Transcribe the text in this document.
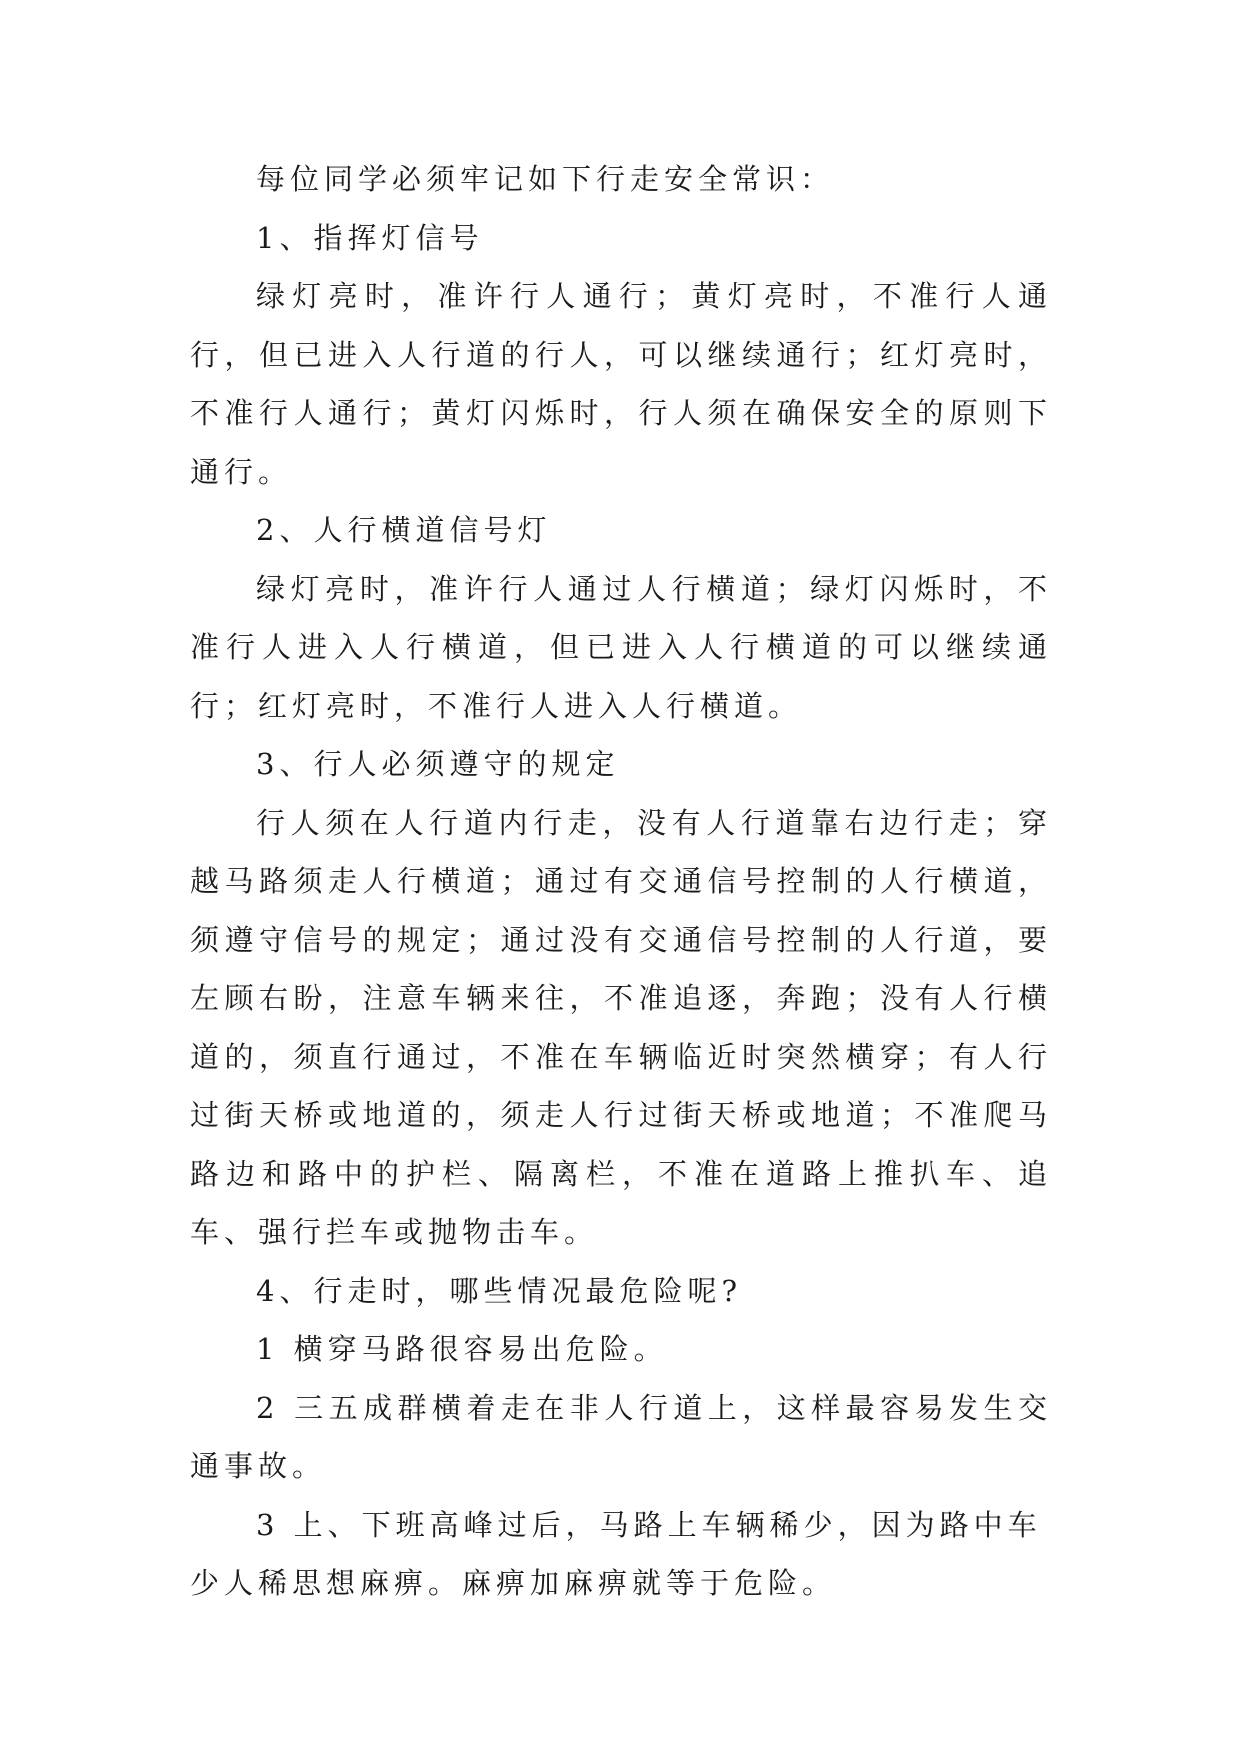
每位同学必须牢记如下行走安全常识：

1、指挥灯信号

绿灯亮时，准许行人通行；黄灯亮时，不准行人通行，但已进入人行道的行人，可以继续通行；红灯亮时，不准行人通行；黄灯闪烁时，行人须在确保安全的原则下通行。

2、人行横道信号灯

绿灯亮时，准许行人通过人行横道；绿灯闪烁时，不准行人进入人行横道，但已进入人行横道的可以继续通行；红灯亮时，不准行人进入人行横道。

3、行人必须遵守的规定

行人须在人行道内行走，没有人行道靠右边行走；穿越马路须走人行横道；通过有交通信号控制的人行横道，须遵守信号的规定；通过没有交通信号控制的人行道，要左顾右盼，注意车辆来往，不准追逐，奔跑；没有人行横道的，须直行通过，不准在车辆临近时突然横穿；有人行过街天桥或地道的，须走人行过街天桥或地道；不准爬马路边和路中的护栏、隔离栏，不准在道路上推扒车、追车、强行拦车或抛物击车。

4、行走时，哪些情况最危险呢?

1 横穿马路很容易出危险。

2 三五成群横着走在非人行道上，这样最容易发生交通事故。

3 上、下班高峰过后，马路上车辆稀少，因为路中车少人稀思想麻痹。麻痹加麻痹就等于危险。
